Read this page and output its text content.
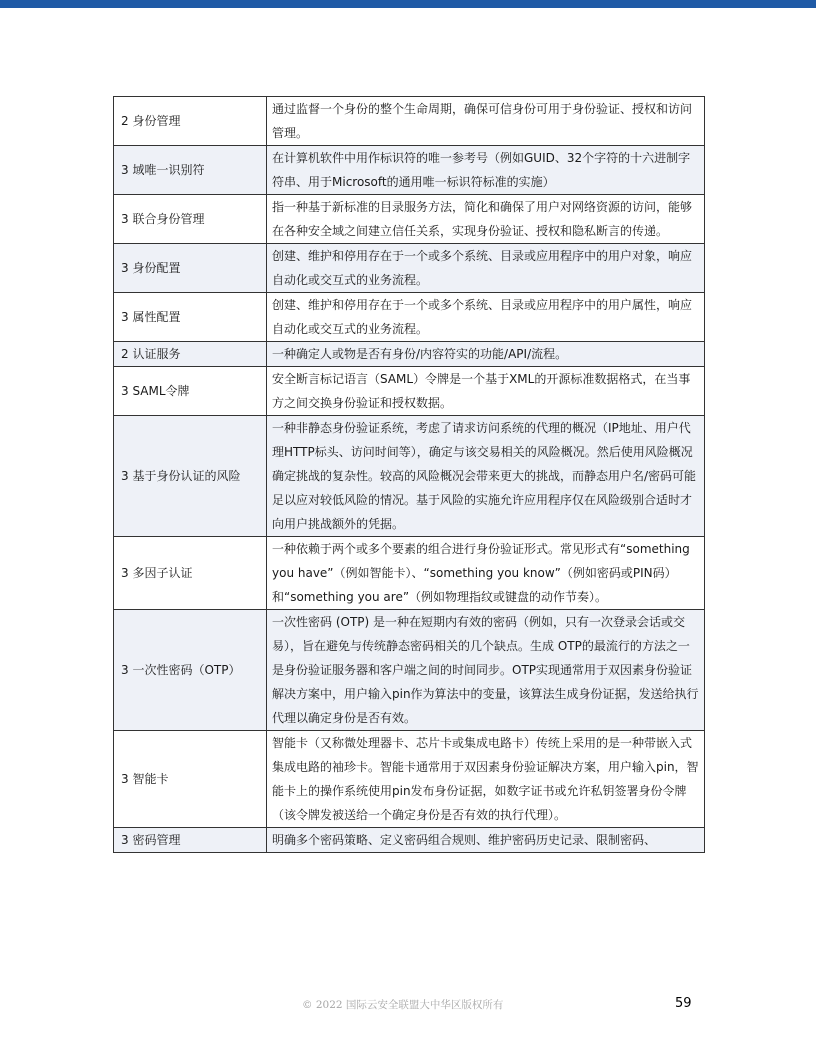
2 身份管理	通过监督一个身份的整个生命周期，确保可信身份可用于身份验证、授权和访问管理。
3 域唯一识别符	在计算机软件中用作标识符的唯一参考号（例如GUID、32个字符的十六进制字符串、用于Microsoft的通用唯一标识符标准的实施）
3 联合身份管理	指一种基于新标准的目录服务方法，简化和确保了用户对网络资源的访问，能够在各种安全域之间建立信任关系，实现身份验证、授权和隐私断言的传递。
3 身份配置	创建、维护和停用存在于一个或多个系统、目录或应用程序中的用户对象，响应自动化或交互式的业务流程。
3 属性配置	创建、维护和停用存在于一个或多个系统、目录或应用程序中的用户属性，响应自动化或交互式的业务流程。
2 认证服务	一种确定人或物是否有身份/内容符实的功能/API/流程。
3 SAML令牌	安全断言标记语言（SAML）令牌是一个基于XML的开源标准数据格式，在当事方之间交换身份验证和授权数据。
3 基于身份认证的风险	一种非静态身份验证系统，考虑了请求访问系统的代理的概况（IP地址、用户代理HTTP标头、访问时间等），确定与该交易相关的风险概况。然后使用风险概况确定挑战的复杂性。较高的风险概况会带来更大的挑战，而静态用户名/密码可能足以应对较低风险的情况。基于风险的实施允许应用程序仅在风险级别合适时才向用户挑战额外的凭据。
3 多因子认证	一种依赖于两个或多个要素的组合进行身份验证形式。常见形式有“something you have”（例如智能卡）、“something you know”（例如密码或PIN码）和“something you are”（例如物理指纹或键盘的动作节奏）。
3 一次性密码（OTP）	一次性密码 (OTP) 是一种在短期内有效的密码（例如，只有一次登录会话或交易），旨在避免与传统静态密码相关的几个缺点。生成 OTP的最流行的方法之一是身份验证服务器和客户端之间的时间同步。OTP实现通常用于双因素身份验证解决方案中，用户输入pin作为算法中的变量，该算法生成身份证据，发送给执行代理以确定身份是否有效。
3 智能卡	智能卡（又称微处理器卡、芯片卡或集成电路卡）传统上采用的是一种带嵌入式集成电路的袖珍卡。智能卡通常用于双因素身份验证解决方案，用户输入pin，智能卡上的操作系统使用pin发布身份证据，如数字证书或允许私钥签署身份令牌（该令牌发被送给一个确定身份是否有效的执行代理）。
3 密码管理	明确多个密码策略、定义密码组合规则、维护密码历史记录、限制密码、
© 2022 国际云安全联盟大中华区版权所有	59
